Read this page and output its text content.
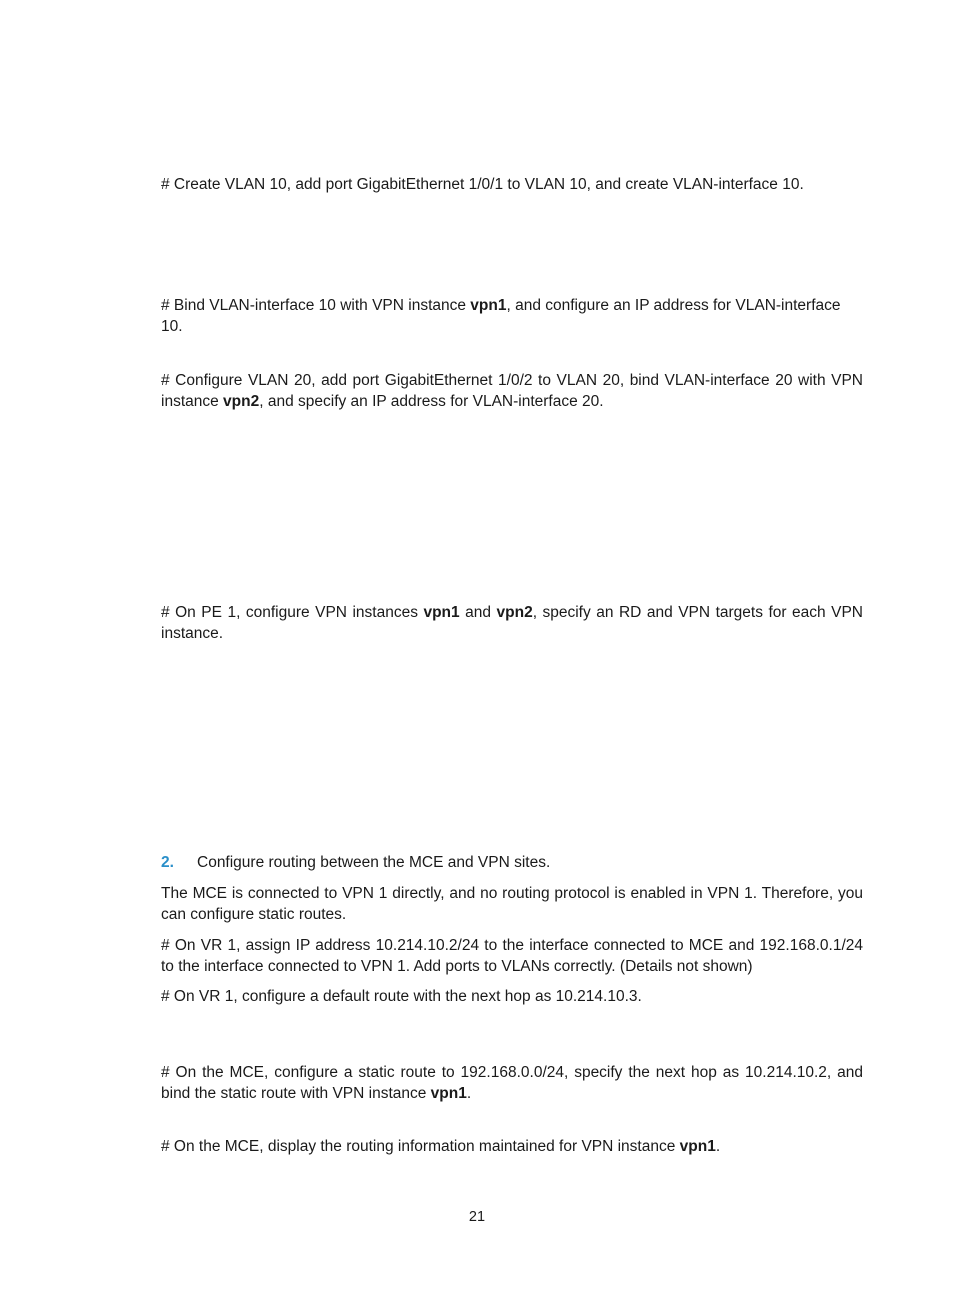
# Create VLAN 10, add port GigabitEthernet 1/0/1 to VLAN 10, and create VLAN-interface 10.

# Bind VLAN-interface 10 with VPN instance vpn1, and configure an IP address for VLAN-interface 10.

# Configure VLAN 20, add port GigabitEthernet 1/0/2 to VLAN 20, bind VLAN-interface 20 with VPN instance vpn2, and specify an IP address for VLAN-interface 20.

# On PE 1, configure VPN instances vpn1 and vpn2, specify an RD and VPN targets for each VPN instance.

2. Configure routing between the MCE and VPN sites.

The MCE is connected to VPN 1 directly, and no routing protocol is enabled in VPN 1. Therefore, you can configure static routes.

# On VR 1, assign IP address 10.214.10.2/24 to the interface connected to MCE and 192.168.0.1/24 to the interface connected to VPN 1. Add ports to VLANs correctly. (Details not shown)

# On VR 1, configure a default route with the next hop as 10.214.10.3.

# On the MCE, configure a static route to 192.168.0.0/24, specify the next hop as 10.214.10.2, and bind the static route with VPN instance vpn1.

# On the MCE, display the routing information maintained for VPN instance vpn1.

21
